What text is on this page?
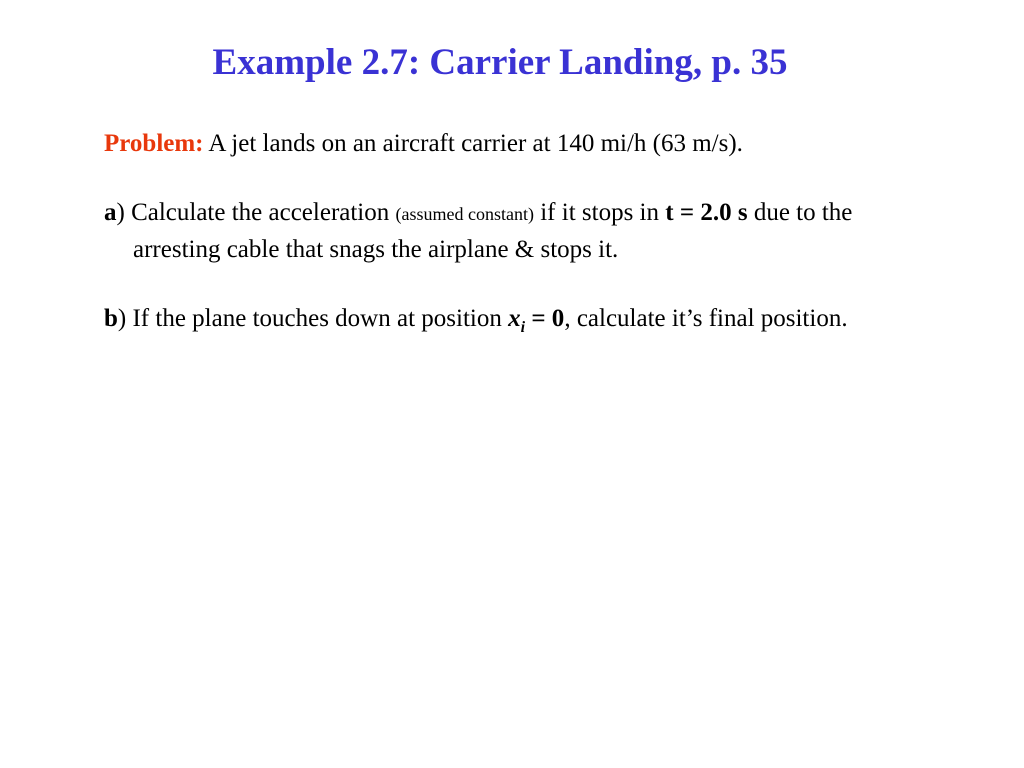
Example 2.7: Carrier Landing, p. 35

Problem: A jet lands on an aircraft carrier at 140 mi/h (63 m/s).

a) Calculate the acceleration (assumed constant) if it stops in t = 2.0 s due to the arresting cable that snags the airplane & stops it.

b) If the plane touches down at position $x_i = 0$, calculate it’s final position.
